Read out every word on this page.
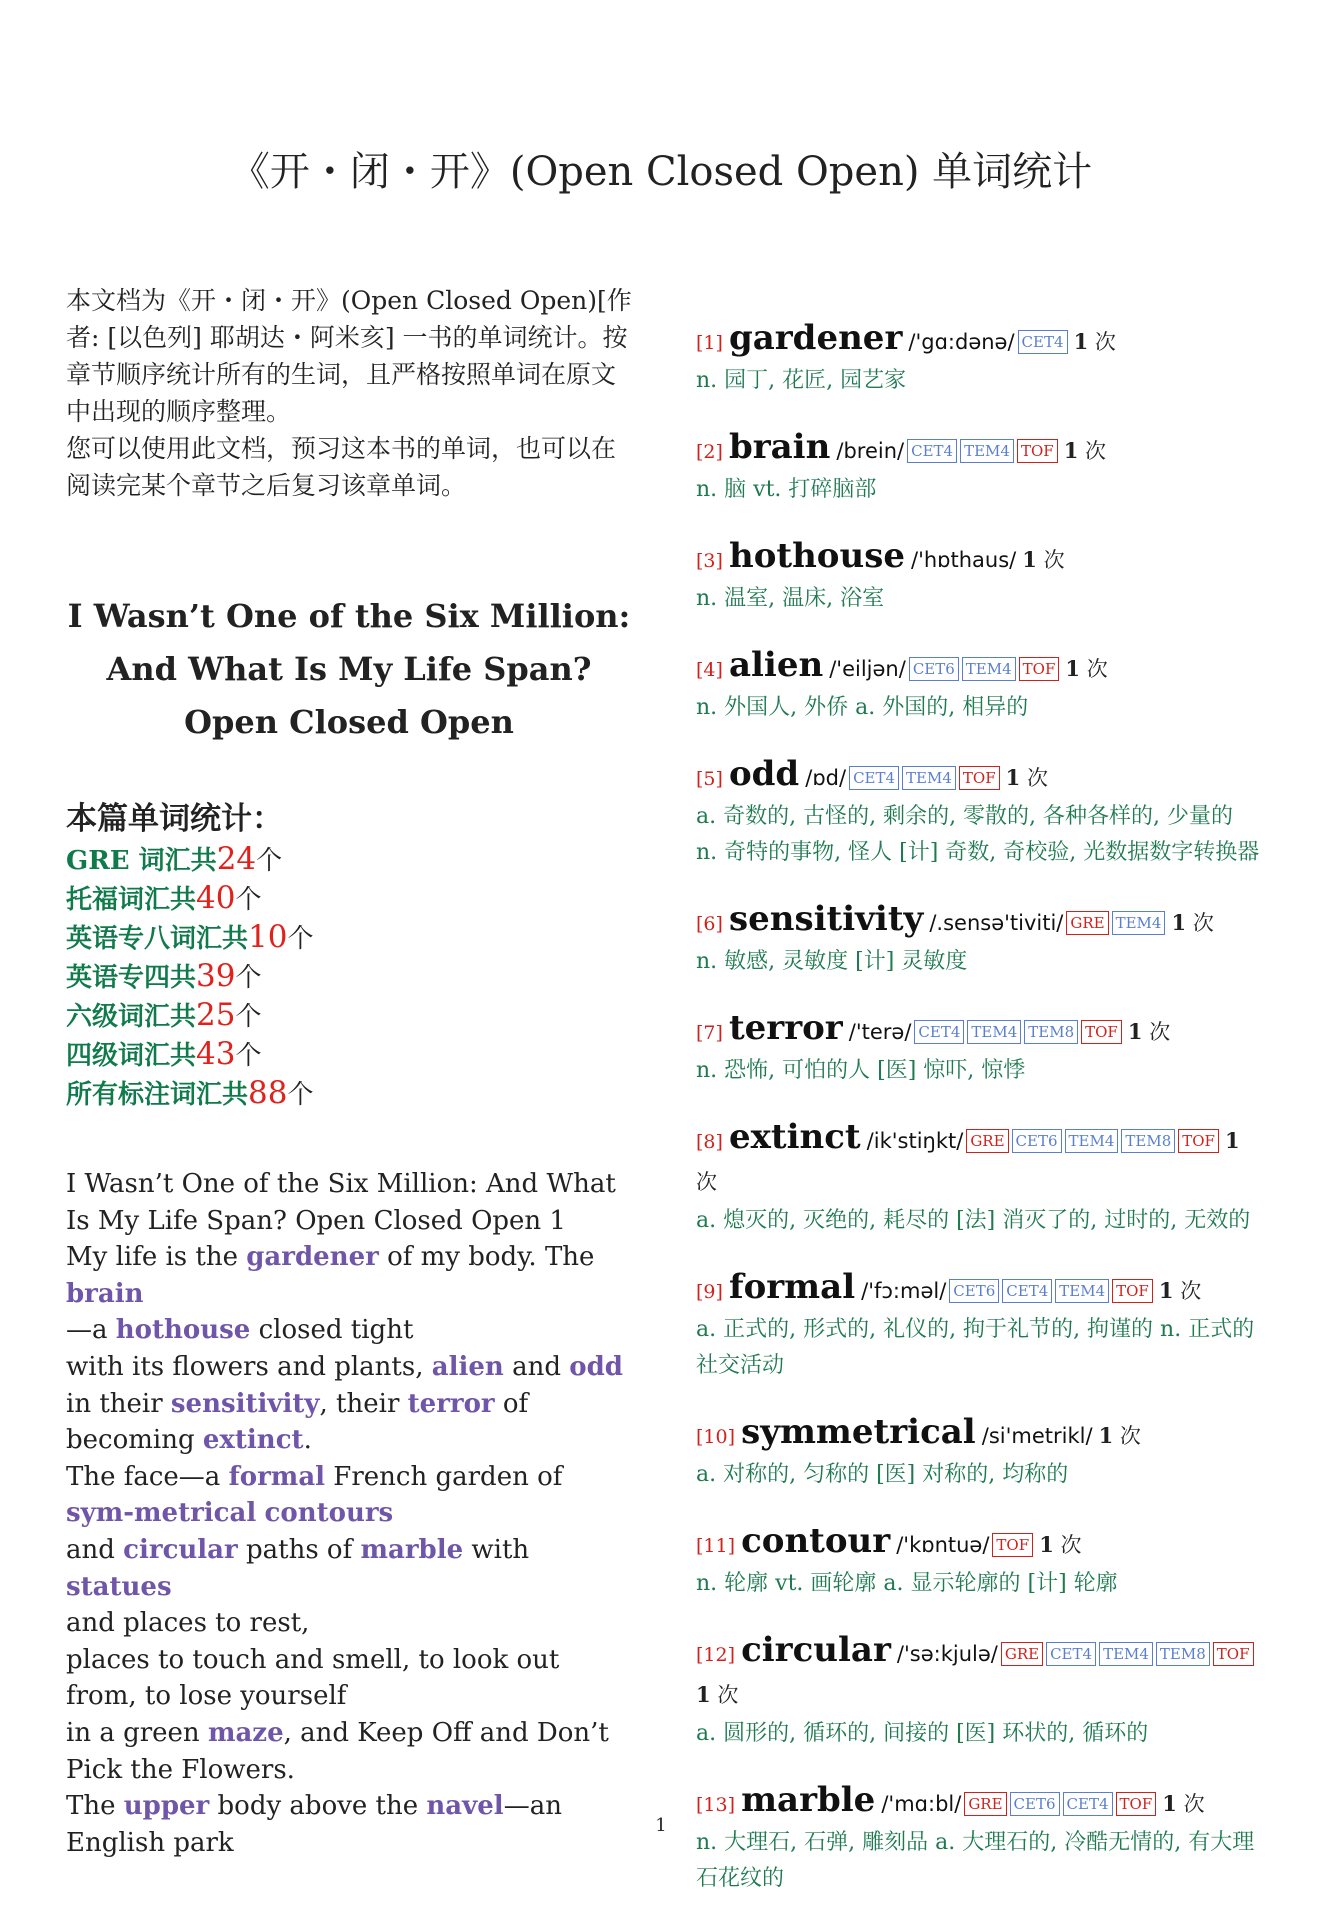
《开・闭・开》(Open Closed Open) 单词统计

本文档为《开・闭・开》(Open Closed Open)[作者: [以色列] 耶胡达・阿米亥] 一书的单词统计。按章节顺序统计所有的生词，且严格按照单词在原文中出现的顺序整理。
您可以使用此文档，预习这本书的单词，也可以在阅读完某个章节之后复习该章单词。

I Wasn’t One of the Six Million: And What Is My Life Span? Open Closed Open
本篇单词统计：
GRE 词汇共24个
托福词汇共40个
英语专八词汇共10个
英语专四共39个
六级词汇共25个
四级词汇共43个
所有标注词汇共88个
I Wasn’t One of the Six Million: And What Is My Life Span? Open Closed Open 1
My life is the gardener of my body. The brain
—a hothouse closed tight
with its flowers and plants, alien and odd
in their sensitivity, their terror of becoming extinct.
The face—a formal French garden of sym-metrical contours
and circular paths of marble with statues
and places to rest,
places to touch and smell, to look out from, to lose yourself
in a green maze, and Keep Off and Don’t Pick the Flowers.
The upper body above the navel—an English park
[1] gardener /'gɑ:dənə/ CET4 1 次
n. 园丁, 花匠, 园艺家
[2] brain /brein/ CET4 TEM4 TOF 1 次
n. 脑 vt. 打碎脑部
[3] hothouse /'hɒthaus/ 1 次
n. 温室, 温床, 浴室
[4] alien /'eiljən/ CET6 TEM4 TOF 1 次
n. 外国人, 外侨 a. 外国的, 相异的
[5] odd /ɒd/ CET4 TEM4 TOF 1 次
a. 奇数的, 古怪的, 剩余的, 零散的, 各种各样的, 少量的
n. 奇特的事物, 怪人 [计] 奇数, 奇校验, 光数据数字转换器
[6] sensitivity /.sensə'tiviti/ GRE TEM4 1 次
n. 敏感, 灵敏度 [计] 灵敏度
[7] terror /'terə/ CET4 TEM4 TEM8 TOF 1 次
n. 恐怖, 可怕的人 [医] 惊吓, 惊悸
[8] extinct /ik'stiŋkt/ GRE CET6 TEM4 TEM8 TOF 1 次
a. 熄灭的, 灭绝的, 耗尽的 [法] 消灭了的, 过时的, 无效的
[9] formal /'fɔ:məl/ CET6 CET4 TEM4 TOF 1 次
a. 正式的, 形式的, 礼仪的, 拘于礼节的, 拘谨的 n. 正式的社交活动
[10] symmetrical /si'metrikl/ 1 次
a. 对称的, 匀称的 [医] 对称的, 均称的
[11] contour /'kɒntuə/ TOF 1 次
n. 轮廓 vt. 画轮廓 a. 显示轮廓的 [计] 轮廓
[12] circular /'sə:kjulə/ GRE CET4 TEM4 TEM8 TOF 1 次
a. 圆形的, 循环的, 间接的 [医] 环状的, 循环的
[13] marble /'mɑ:bl/ GRE CET6 CET4 TOF 1 次
n. 大理石, 石弹, 雕刻品 a. 大理石的, 冷酷无情的, 有大理石花纹的
1
